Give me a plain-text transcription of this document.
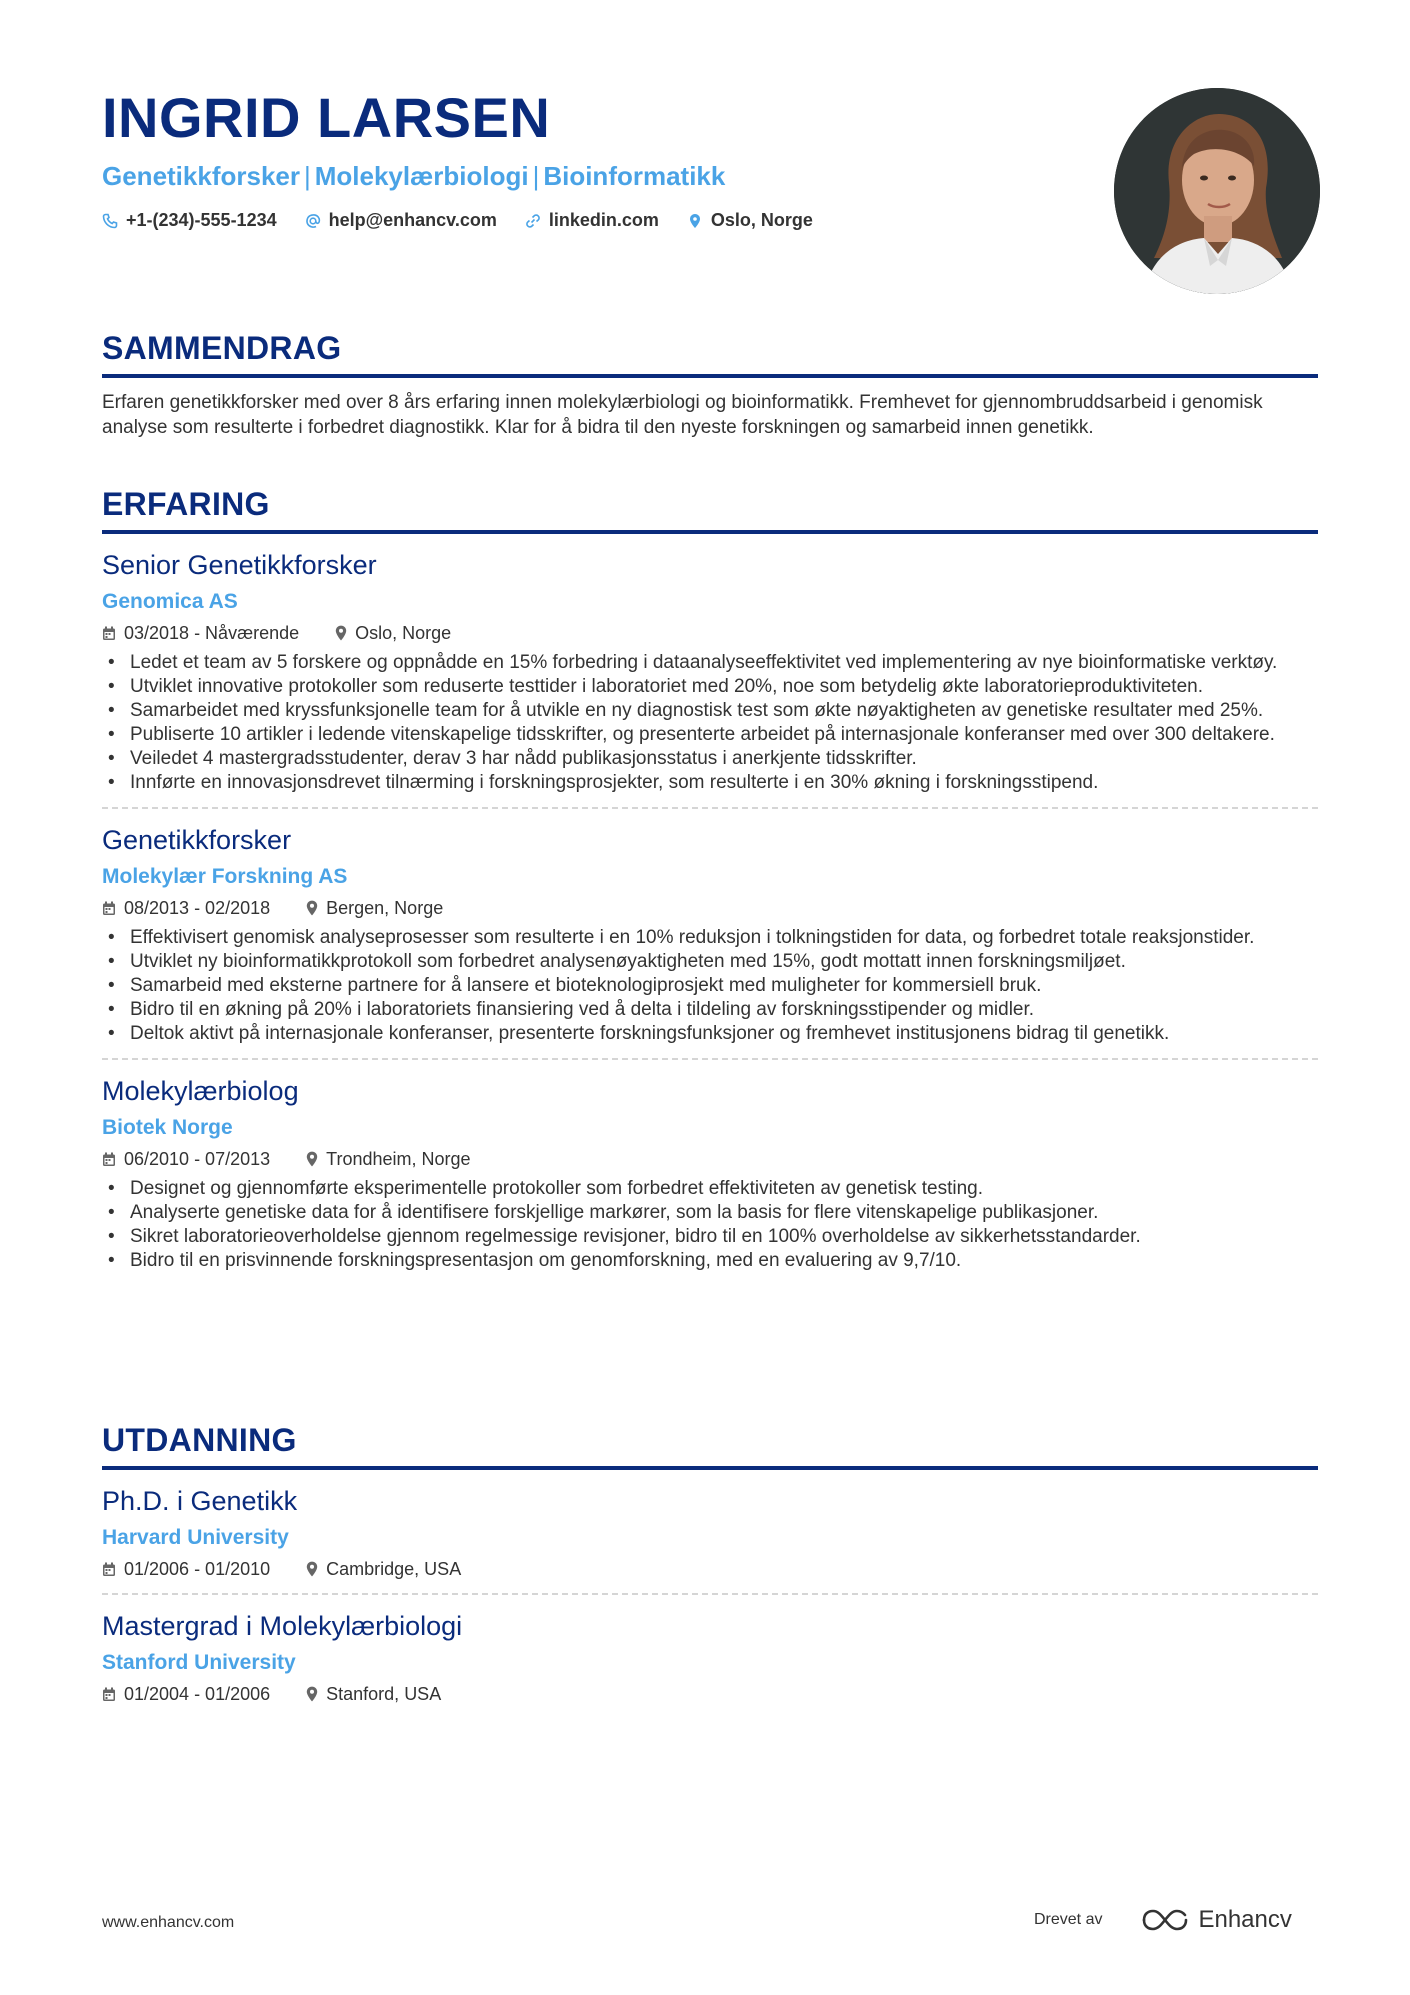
INGRID LARSEN
Genetikkforsker | Molekylærbiologi | Bioinformatikk
+1-(234)-555-1234	help@enhancv.com	linkedin.com	Oslo, Norge
SAMMENDRAG
Erfaren genetikkforsker med over 8 års erfaring innen molekylærbiologi og bioinformatikk. Fremhevet for gjennombruddsarbeid i genomisk analyse som resulterte i forbedret diagnostikk. Klar for å bidra til den nyeste forskningen og samarbeid innen genetikk.
ERFARING
Senior Genetikkforsker
Genomica AS
03/2018 - Nåværende	Oslo, Norge
• Ledet et team av 5 forskere og oppnådde en 15% forbedring i dataanalyseeffektivitet ved implementering av nye bioinformatiske verktøy.
• Utviklet innovative protokoller som reduserte testtider i laboratoriet med 20%, noe som betydelig økte laboratorieproduktiviteten.
• Samarbeidet med kryssfunksjonelle team for å utvikle en ny diagnostisk test som økte nøyaktigheten av genetiske resultater med 25%.
• Publiserte 10 artikler i ledende vitenskapelige tidsskrifter, og presenterte arbeidet på internasjonale konferanser med over 300 deltakere.
• Veiledet 4 mastergradsstudenter, derav 3 har nådd publikasjonsstatus i anerkjente tidsskrifter.
• Innførte en innovasjonsdrevet tilnærming i forskningsprosjekter, som resulterte i en 30% økning i forskningsstipend.
Genetikkforsker
Molekylær Forskning AS
08/2013 - 02/2018	Bergen, Norge
• Effektivisert genomisk analyseprosesser som resulterte i en 10% reduksjon i tolkningstiden for data, og forbedret totale reaksjonstider.
• Utviklet ny bioinformatikkprotokoll som forbedret analysenøyaktigheten med 15%, godt mottatt innen forskningsmiljøet.
• Samarbeid med eksterne partnere for å lansere et bioteknologiprosjekt med muligheter for kommersiell bruk.
• Bidro til en økning på 20% i laboratoriets finansiering ved å delta i tildeling av forskningsstipender og midler.
• Deltok aktivt på internasjonale konferanser, presenterte forskningsfunksjoner og fremhevet institusjonens bidrag til genetikk.
Molekylærbiolog
Biotek Norge
06/2010 - 07/2013	Trondheim, Norge
• Designet og gjennomførte eksperimentelle protokoller som forbedret effektiviteten av genetisk testing.
• Analyserte genetiske data for å identifisere forskjellige markører, som la basis for flere vitenskapelige publikasjoner.
• Sikret laboratorieoverholdelse gjennom regelmessige revisjoner, bidro til en 100% overholdelse av sikkerhetsstandarder.
• Bidro til en prisvinnende forskningspresentasjon om genomforskning, med en evaluering av 9,7/10.
UTDANNING
Ph.D. i Genetikk
Harvard University
01/2006 - 01/2010	Cambridge, USA
Mastergrad i Molekylærbiologi
Stanford University
01/2004 - 01/2006	Stanford, USA
www.enhancv.com	Drevet av	Enhancv
